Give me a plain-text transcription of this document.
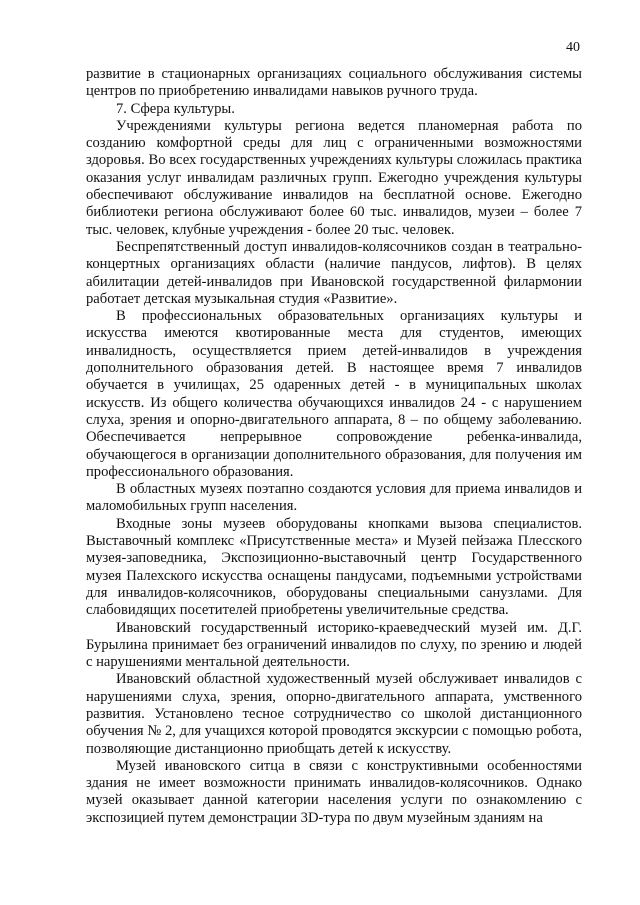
40

развитие в стационарных организациях социального обслуживания системы центров по приобретению инвалидами навыков ручного труда.

7. Сфера культуры.

Учреждениями культуры региона ведется планомерная работа по созданию комфортной среды для лиц с ограниченными возможностями здоровья. Во всех государственных учреждениях культуры сложилась практика оказания услуг инвалидам различных групп. Ежегодно учреждения культуры обеспечивают обслуживание инвалидов на бесплатной основе. Ежегодно библиотеки региона обслуживают более 60 тыс. инвалидов, музеи – более 7 тыс. человек, клубные учреждения - более 20 тыс. человек.

Беспрепятственный доступ инвалидов-колясочников создан в театрально-концертных организациях области (наличие пандусов, лифтов). В целях абилитации детей-инвалидов при Ивановской государственной филармонии работает детская музыкальная студия «Развитие».

В профессиональных образовательных организациях культуры и искусства имеются квотированные места для студентов, имеющих инвалидность, осуществляется прием детей-инвалидов в учреждения дополнительного образования детей. В настоящее время 7 инвалидов обучается в училищах, 25 одаренных детей - в муниципальных школах искусств. Из общего количества обучающихся инвалидов 24 - с нарушением слуха, зрения и опорно-двигательного аппарата, 8 – по общему заболеванию. Обеспечивается непрерывное сопровождение ребенка-инвалида, обучающегося в организации дополнительного образования, для получения им профессионального образования.

В областных музеях поэтапно создаются условия для приема инвалидов и маломобильных групп населения.

Входные зоны музеев оборудованы кнопками вызова специалистов. Выставочный комплекс «Присутственные места» и Музей пейзажа Плесского музея-заповедника, Экспозиционно-выставочный центр Государственного музея Палехского искусства оснащены пандусами, подъемными устройствами для инвалидов-колясочников, оборудованы специальными санузлами. Для слабовидящих посетителей приобретены увеличительные средства.

Ивановский государственный историко-краеведческий музей им. Д.Г. Бурылина принимает без ограничений инвалидов по слуху, по зрению и людей с нарушениями ментальной деятельности.

Ивановский областной художественный музей обслуживает инвалидов с нарушениями слуха, зрения, опорно-двигательного аппарата, умственного развития. Установлено тесное сотрудничество со школой дистанционного обучения № 2, для учащихся которой проводятся экскурсии с помощью робота, позволяющие дистанционно приобщать детей к искусству.

Музей ивановского ситца в связи с конструктивными особенностями здания не имеет возможности принимать инвалидов-колясочников. Однако музей оказывает данной категории населения услуги по ознакомлению с экспозицией путем демонстрации 3D-тура по двум музейным зданиям на
